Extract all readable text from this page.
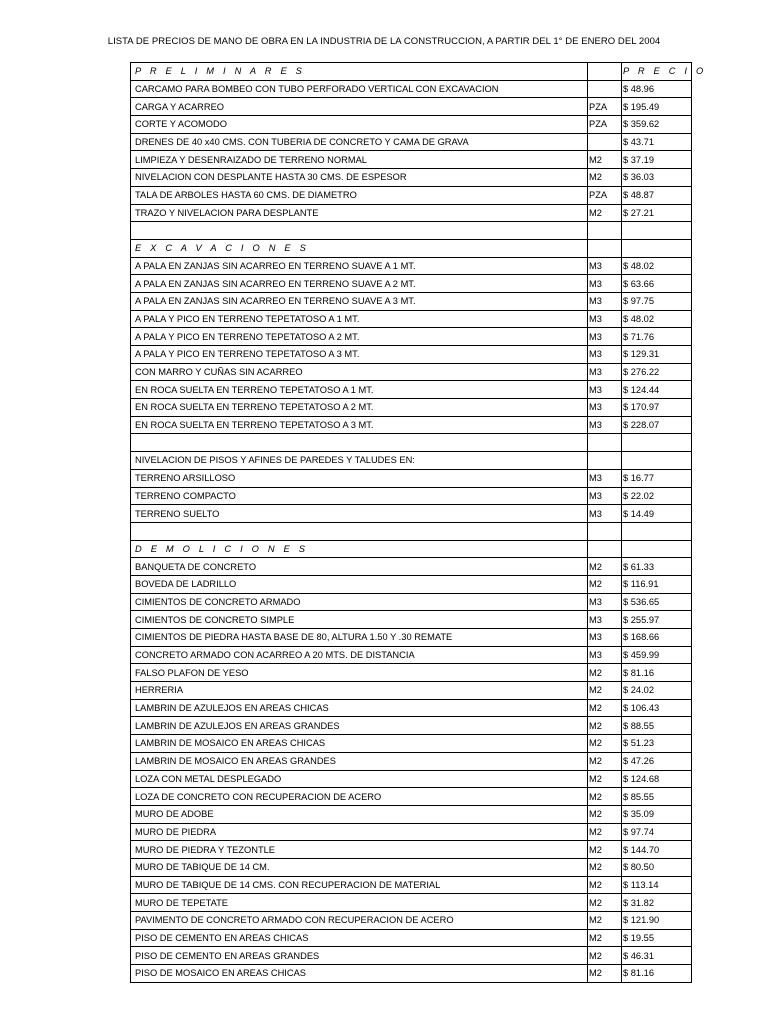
LISTA DE PRECIOS DE MANO DE OBRA EN LA INDUSTRIA DE LA CONSTRUCCION, A PARTIR DEL 1° DE ENERO DEL 2004
P R E L I M I N A R E S		P R E C I O
CARCAMO PARA BOMBEO CON TUBO PERFORADO VERTICAL CON EXCAVACION		$ 48.96
CARGA Y ACARREO	PZA	$ 195.49
CORTE Y ACOMODO	PZA	$ 359.62
DRENES DE 40 x40 CMS. CON TUBERIA DE CONCRETO Y CAMA DE GRAVA		$ 43.71
LIMPIEZA Y DESENRAIZADO DE TERRENO NORMAL	M2	$ 37.19
NIVELACION CON DESPLANTE HASTA 30 CMS. DE ESPESOR	M2	$ 36.03
TALA DE ARBOLES HASTA 60 CMS. DE DIAMETRO	PZA	$ 48.87
TRAZO Y NIVELACION PARA DESPLANTE	M2	$ 27.21

E X C A V A C I O N E S		
A PALA EN ZANJAS SIN ACARREO EN TERRENO SUAVE A 1 MT.	M3	$ 48.02
A PALA EN ZANJAS SIN ACARREO EN TERRENO SUAVE A 2 MT.	M3	$ 63.66
A PALA EN ZANJAS SIN ACARREO EN TERRENO SUAVE A 3 MT.	M3	$ 97.75
A PALA Y PICO EN TERRENO TEPETATOSO A 1 MT.	M3	$ 48.02
A PALA Y PICO EN TERRENO TEPETATOSO A 2 MT.	M3	$ 71.76
A PALA Y PICO EN TERRENO TEPETATOSO A 3 MT.	M3	$ 129.31
CON MARRO Y CUÑAS SIN ACARREO	M3	$ 276.22
EN ROCA SUELTA EN TERRENO TEPETATOSO A 1 MT.	M3	$ 124.44
EN ROCA SUELTA EN TERRENO TEPETATOSO A 2 MT.	M3	$ 170.97
EN ROCA SUELTA EN TERRENO TEPETATOSO A 3 MT.	M3	$ 228.07

NIVELACION DE PISOS Y AFINES DE PAREDES Y TALUDES EN:		
TERRENO ARSILLOSO	M3	$ 16.77
TERRENO COMPACTO	M3	$ 22.02
TERRENO SUELTO	M3	$ 14.49

D E M O L I C I O N E S		
BANQUETA DE CONCRETO	M2	$ 61.33
BOVEDA DE LADRILLO	M2	$ 116.91
CIMIENTOS DE CONCRETO ARMADO	M3	$ 536.65
CIMIENTOS DE CONCRETO SIMPLE	M3	$ 255.97
CIMIENTOS DE PIEDRA HASTA BASE DE 80, ALTURA 1.50 Y .30 REMATE	M3	$ 168.66
CONCRETO ARMADO CON ACARREO A 20 MTS. DE DISTANCIA	M3	$ 459.99
FALSO PLAFON DE YESO	M2	$ 81.16
HERRERIA	M2	$ 24.02
LAMBRIN DE AZULEJOS EN AREAS CHICAS	M2	$ 106.43
LAMBRIN DE AZULEJOS EN AREAS GRANDES	M2	$ 88.55
LAMBRIN DE MOSAICO EN AREAS CHICAS	M2	$ 51.23
LAMBRIN DE MOSAICO EN AREAS GRANDES	M2	$ 47.26
LOZA CON METAL DESPLEGADO	M2	$ 124.68
LOZA DE CONCRETO CON RECUPERACION DE ACERO	M2	$ 85.55
MURO DE ADOBE	M2	$ 35.09
MURO DE PIEDRA	M2	$ 97.74
MURO DE PIEDRA Y TEZONTLE	M2	$ 144.70
MURO DE TABIQUE DE 14 CM.	M2	$ 80.50
MURO DE TABIQUE DE 14 CMS. CON RECUPERACION DE MATERIAL	M2	$ 113.14
MURO DE TEPETATE	M2	$ 31.82
PAVIMENTO DE CONCRETO ARMADO CON RECUPERACION DE ACERO	M2	$ 121.90
PISO DE CEMENTO EN AREAS CHICAS	M2	$ 19.55
PISO DE CEMENTO EN AREAS GRANDES	M2	$ 46.31
PISO DE MOSAICO EN AREAS CHICAS	M2	$ 81.16
